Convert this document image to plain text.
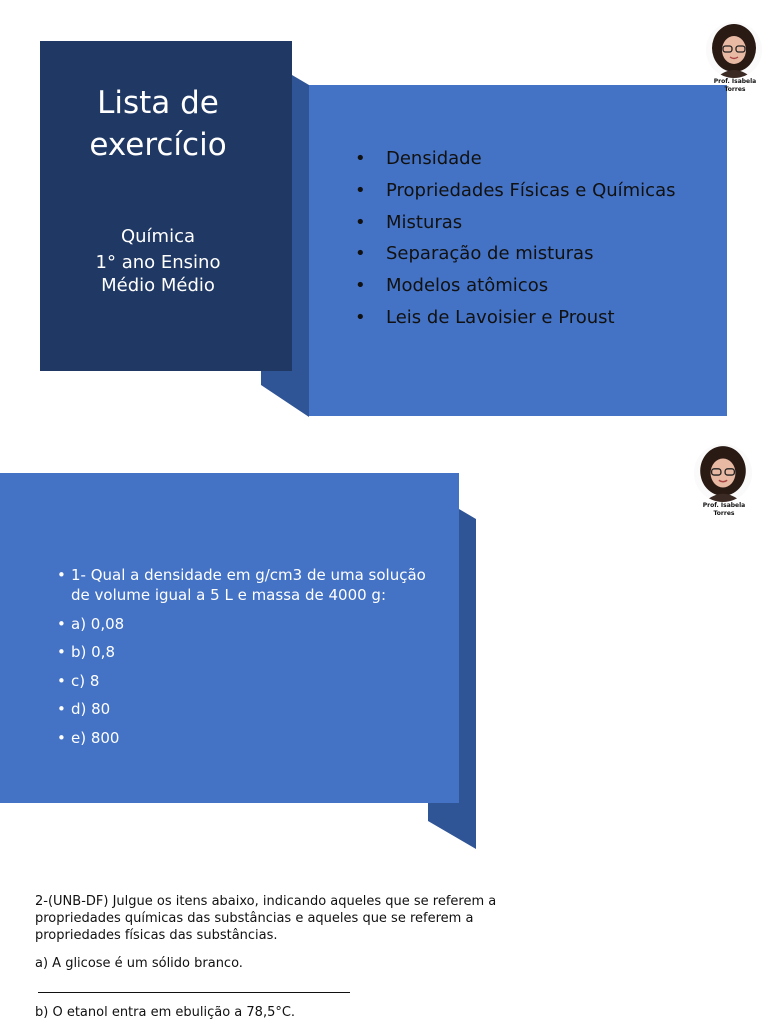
Lista de
exercício
Química
1° ano Ensino
Médio Médio
• Densidade
• Propriedades Físicas e Químicas
• Misturas
• Separação de misturas
• Modelos atômicos
• Leis de Lavoisier e Proust
Prof. Isabela
Torres
• 1- Qual a densidade em g/cm3 de uma solução de volume igual a 5 L e massa de 4000 g:
• a) 0,08
• b) 0,8
• c) 8
• d) 80
• e) 800
Prof. Isabela
Torres

2-(UNB-DF) Julgue os itens abaixo, indicando aqueles que se referem a propriedades químicas das substâncias e aqueles que se referem a propriedades físicas das substâncias.

a) A glicose é um sólido branco.

b) O etanol entra em ebulição a 78,5°C.
